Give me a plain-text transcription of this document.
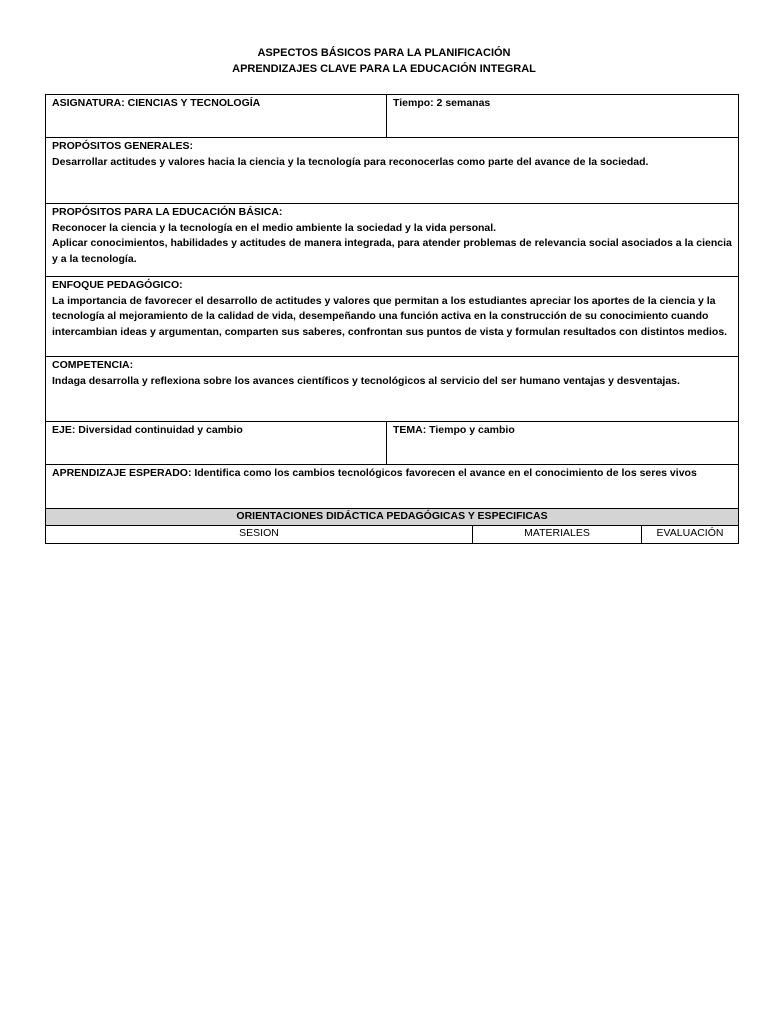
ASPECTOS BÁSICOS PARA LA PLANIFICACIÓN
APRENDIZAJES CLAVE PARA LA EDUCACIÓN INTEGRAL
ASIGNATURA: CIENCIAS Y TECNOLOGÍA	Tiempo: 2 semanas		

PROPÓSITOS GENERALES:

Desarrollar actitudes y valores hacia la ciencia y la tecnología para reconocerlas como parte del avance de la sociedad.			

PROPÓSITOS PARA LA EDUCACIÓN BÁSICA:

Reconocer la ciencia y la tecnología en el medio ambiente la sociedad y la vida personal.

Aplicar conocimientos, habilidades y actitudes de manera integrada, para atender problemas de relevancia social asociados a la ciencia y a la tecnología.			

ENFOQUE PEDAGÓGICO:

La importancia de favorecer el desarrollo de actitudes y valores que permitan a los estudiantes apreciar los aportes de la ciencia y la tecnología al mejoramiento de la calidad de vida, desempeñando una función activa en la construcción de su conocimiento cuando intercambian ideas y argumentan, comparten sus saberes, confrontan sus puntos de vista y formulan resultados con distintos medios.			

COMPETENCIA:

Indaga desarrolla y reflexiona sobre los avances científicos y tecnológicos al servicio del ser humano ventajas y desventajas.			

EJE: Diversidad continuidad y cambio	TEMA: Tiempo y cambio		
APRENDIZAJE ESPERADO: Identifica como los cambios tecnológicos favorecen el avance en el conocimiento de los seres vivos			
ORIENTACIONES DIDÁCTICA PEDAGÓGICAS Y ESPECIFICAS			
SESION		MATERIALES	EVALUACIÓN
